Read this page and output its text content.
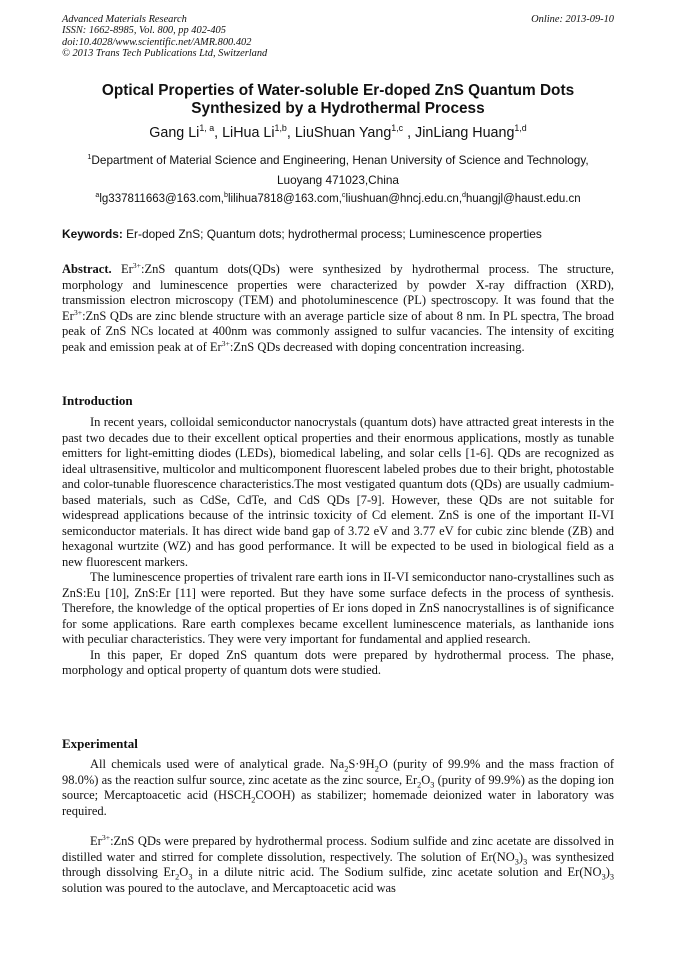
Advanced Materials Research
ISSN: 1662-8985, Vol. 800, pp 402-405
doi:10.4028/www.scientific.net/AMR.800.402
© 2013 Trans Tech Publications Ltd, Switzerland
Online: 2013-09-10
Optical Properties of Water-soluble Er-doped ZnS Quantum Dots
Synthesized by a Hydrothermal Process
Gang Li$^{1, a}$, LiHua Li$^{1,b}$, LiuShuan Yang$^{1,c}$ , JinLiang Huang$^{1,d}$
$^1$Department of Material Science and Engineering, Henan University of Science and Technology,
Luoyang 471023,China
$^a$lg337811663@163.com,$^b$lilihua7818@163.com,$^c$liushuan@hncj.edu.cn,$^d$huangjl@haust.edu.cn
Keywords: Er-doped ZnS; Quantum dots; hydrothermal process; Luminescence properties

Abstract. $Er^{3+}:ZnS$ quantum dots(QDs) were synthesized by hydrothermal process. The structure, morphology and luminescence properties were characterized by powder X-ray diffraction (XRD), transmission electron microscopy (TEM) and photoluminescence (PL) spectroscopy. It was found that the $Er^{3+}:ZnS$ QDs are zinc blende structure with an average particle size of about 8 nm. In PL spectra, The broad peak of ZnS NCs located at 400nm was commonly assigned to sulfur vacancies. The intensity of exciting peak and emission peak at of $Er^{3+}:ZnS$ QDs decreased with doping concentration increasing.

Introduction

In recent years, colloidal semiconductor nanocrystals (quantum dots) have attracted great interests in the past two decades due to their excellent optical properties and their enormous applications, mostly as tunable emitters for light-emitting diodes (LEDs), biomedical labeling, and solar cells [1-6]. QDs are recognized as ideal ultrasensitive, multicolor and multicomponent fluorescent labeled probes due to their bright, photostable and color-tunable fluorescence characteristics.The most vestigated quantum dots (QDs) are usually cadmium-based materials, such as CdSe, CdTe, and CdS QDs [7-9]. However, these QDs are not suitable for widespread applications because of the intrinsic toxicity of Cd element. ZnS is one of the important II-VI semiconductor materials. It has direct wide band gap of 3.72 eV and 3.77 eV for cubic zinc blende (ZB) and hexagonal wurtzite (WZ) and has good performance. It will be expected to be used in biological field as a new fluorescent markers.

The luminescence properties of trivalent rare earth ions in II-VI semiconductor nano-crystallines such as ZnS:Eu [10], ZnS:Er [11] were reported. But they have some surface defects in the process of synthesis. Therefore, the knowledge of the optical properties of Er ions doped in ZnS nanocrystallines is of significance for some applications. Rare earth complexes became excellent luminescence materials, as lanthanide ions with peculiar characteristics. They were very important for fundamental and applied research.

In this paper, Er doped ZnS quantum dots were prepared by hydrothermal process. The phase, morphology and optical property of quantum dots were studied.

Experimental

All chemicals used were of analytical grade. $Na_2S\cdot 9H_2O$ (purity of 99.9% and the mass fraction of 98.0%) as the reaction sulfur source, zinc acetate as the zinc source, $Er_2O_3$ (purity of 99.9%) as the doping ion source; Mercaptoacetic acid $(HSCH_2COOH)$ as stabilizer; homemade deionized water in laboratory was required.

$Er^{3+}:ZnS$ QDs were prepared by hydrothermal process. Sodium sulfide and zinc acetate are dissolved in distilled water and stirred for complete dissolution, respectively. The solution of $Er(NO_3)_3$ was synthesized through dissolving $Er_2O_3$ in a dilute nitric acid. The Sodium sulfide, zinc acetate solution and $Er(NO_3)_3$ solution was poured to the autoclave, and Mercaptoacetic acid was
